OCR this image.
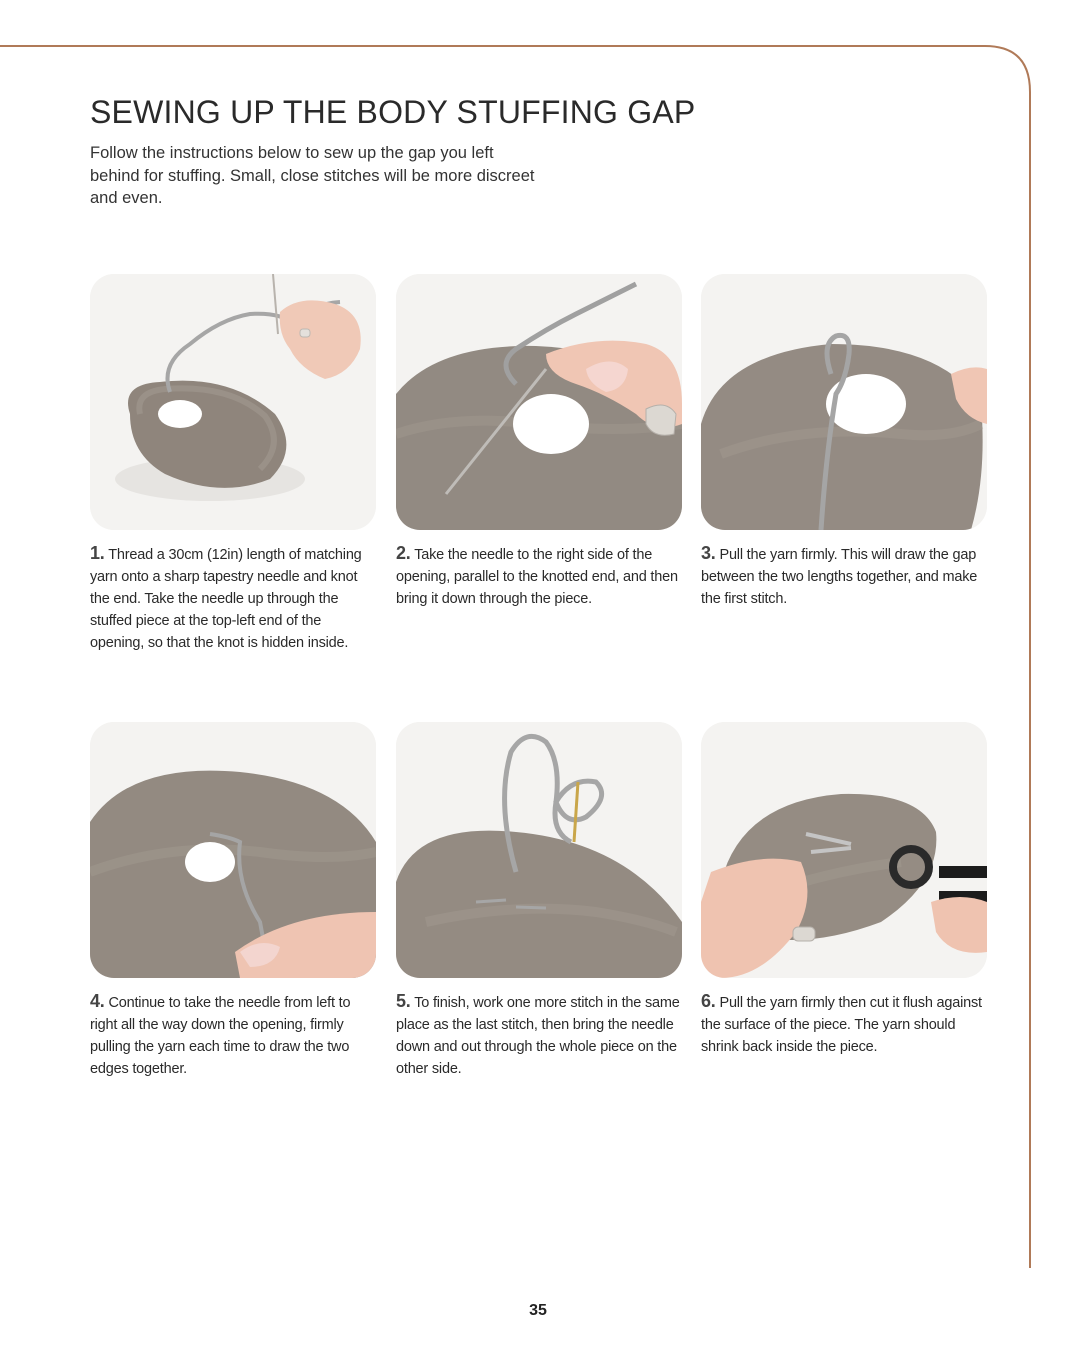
SEWING UP THE BODY STUFFING GAP

Follow the instructions below to sew up the gap you left behind for stuffing. Small, close stitches will be more discreet and even.

1. Thread a 30cm (12in) length of matching yarn onto a sharp tapestry needle and knot the end. Take the needle up through the stuffed piece at the top-left end of the opening, so that the knot is hidden inside.
2. Take the needle to the right side of the opening, parallel to the knotted end, and then bring it down through the piece.
3. Pull the yarn firmly. This will draw the gap between the two lengths together, and make the first stitch.
4. Continue to take the needle from left to right all the way down the opening, firmly pulling the yarn each time to draw the two edges together.
5. To finish, work one more stitch in the same place as the last stitch, then bring the needle down and out through the whole piece on the other side.
6. Pull the yarn firmly then cut it flush against the surface of the piece. The yarn should shrink back inside the piece.
35
